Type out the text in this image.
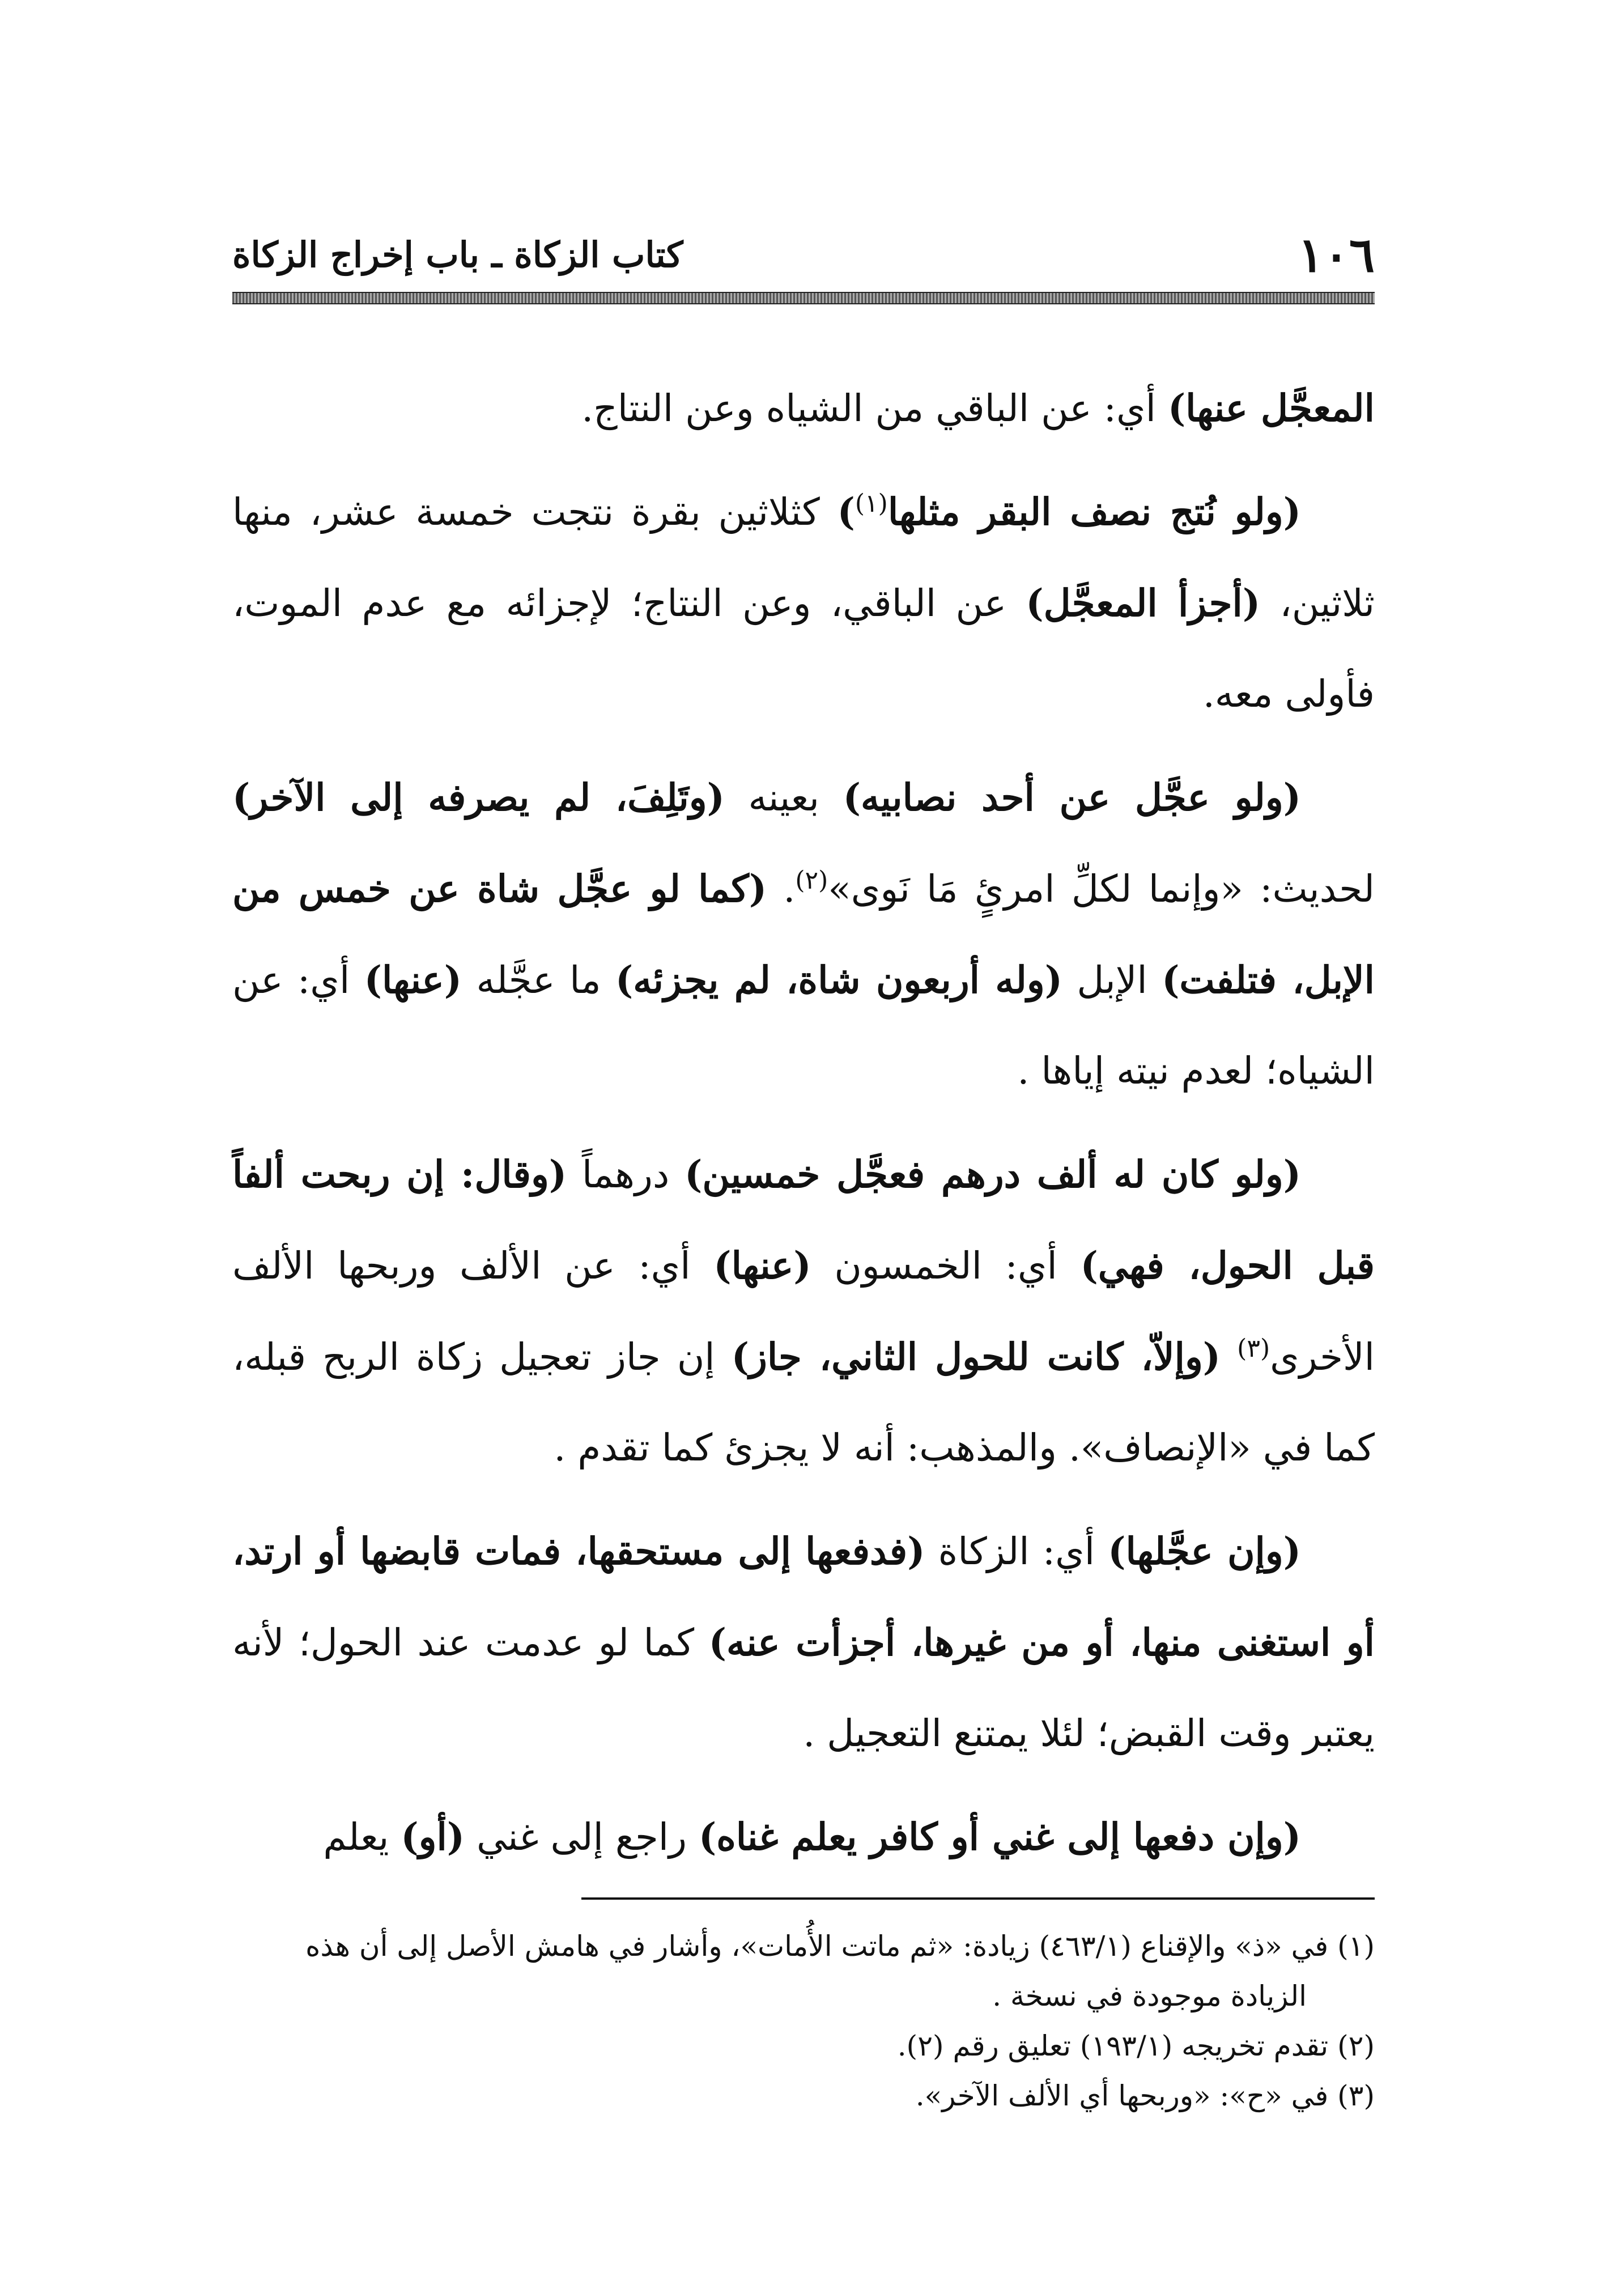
١٠٦
كتاب الزكاة ـ باب إخراج الزكاة

المعجَّل عنها) أي: عن الباقي من الشياه وعن النتاج.

(ولو نُتج نصف البقر مثلها$^{(١)}$) كثلاثين بقرة نتجت خمسة عشر، منها ثلاثين، (أجزأ المعجَّل) عن الباقي، وعن النتاج؛ لإجزائه مع عدم الموت، فأولى معه.

(ولو عجَّل عن أحد نصابيه) بعينه (وتَلِفَ، لم يصرفه إلى الآخر) لحديث: «وإنما لكلِّ امرئٍ مَا نَوى»$^{(٢)}$. (كما لو عجَّل شاة عن خمس من الإبل، فتلفت) الإبل (وله أربعون شاة، لم يجزئه) ما عجَّله (عنها) أي: عن الشياه؛ لعدم نيته إياها .

(ولو كان له ألف درهم فعجَّل خمسين) درهماً (وقال: إن ربحت ألفاً قبل الحول، فهي) أي: الخمسون (عنها) أي: عن الألف وربحها الألف الأخرى$^{(٣)}$ (وإلاّ، كانت للحول الثاني، جاز) إن جاز تعجيل زكاة الربح قبله، كما في «الإنصاف». والمذهب: أنه لا يجزئ كما تقدم .

(وإن عجَّلها) أي: الزكاة (فدفعها إلى مستحقها، فمات قابضها أو ارتد، أو استغنى منها، أو من غيرها، أجزأت عنه) كما لو عدمت عند الحول؛ لأنه يعتبر وقت القبض؛ لئلا يمتنع التعجيل .

(وإن دفعها إلى غني أو كافر يعلم غناه) راجع إلى غني (أو) يعلم

(١) في «ذ» والإقناع (٤٦٣/١) زيادة: «ثم ماتت الأُمات»، وأشار في هامش الأصل إلى أن هذه الزيادة موجودة في نسخة .

(٢) تقدم تخريجه (١٩٣/١) تعليق رقم (٢).

(٣) في «ح»: «وربحها أي الألف الآخر».
